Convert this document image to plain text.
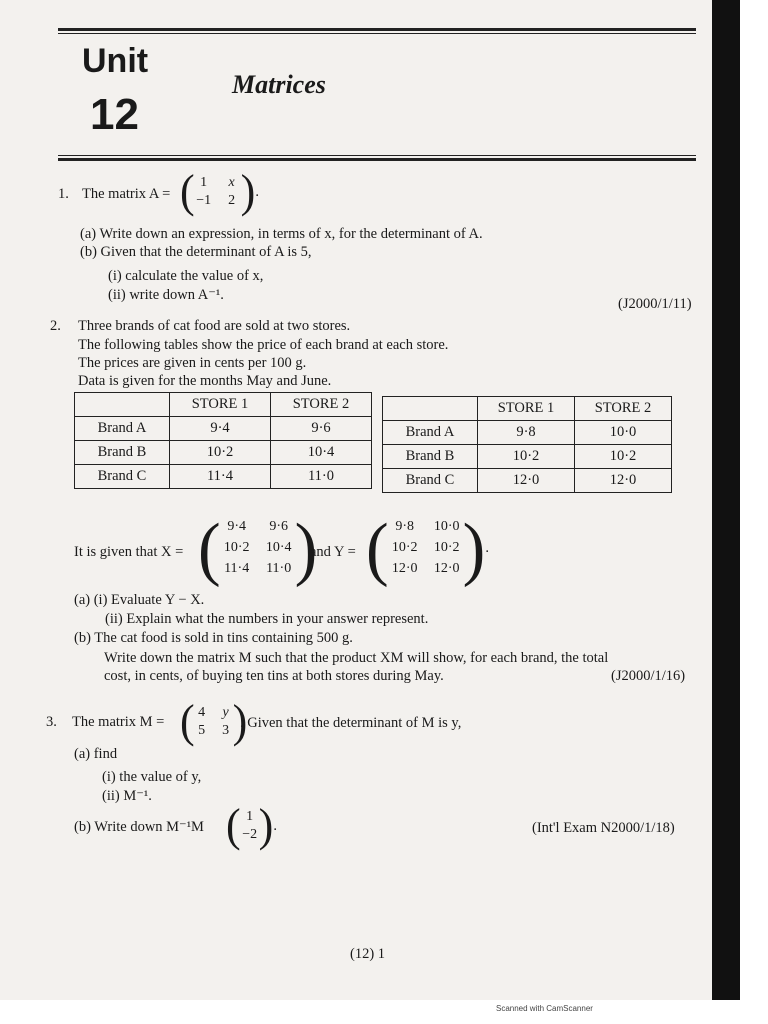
Unit
12
Matrices
1. The matrix A = ( 1	x
−1	2 ) .
(a) Write down an expression, in terms of x, for the determinant of A.
(b) Given that the determinant of A is 5,
(i) calculate the value of x,
(ii) write down A⁻¹.
(J2000/1/11)
2. Three brands of cat food are sold at two stores.
The following tables show the price of each brand at each store.
The prices are given in cents per 100 g.
Data is given for the months May and June.
	STORE 1	STORE 2
Brand A	9·4	9·6
Brand B	10·2	10·4
Brand C	11·4	11·0
	STORE 1	STORE 2
Brand A	9·8	10·0
Brand B	10·2	10·2
Brand C	12·0	12·0
It is given that X = ( 9·4	9·6
10·2 10·4
11·4 11·0 )
and Y = ( 9·8	10·0
10·2 10·2
12·0 12·0 ) .
(a) (i) Evaluate Y − X.
(ii) Explain what the numbers in your answer represent.
(b) The cat food is sold in tins containing 500 g.
Write down the matrix M such that the product XM will show, for each brand, the total
cost, in cents, of buying ten tins at both stores during May.	(J2000/1/16)
3. The matrix M = ( 4 y
5 3 )
. Given that the determinant of M is y,
(a) find
(i) the value of y,
(ii) M⁻¹.
(b) Write down M⁻¹M ( 1
−2 ) .	(Int'l Exam N2000/1/18)
(12) 1
Scanned with CamScanner
